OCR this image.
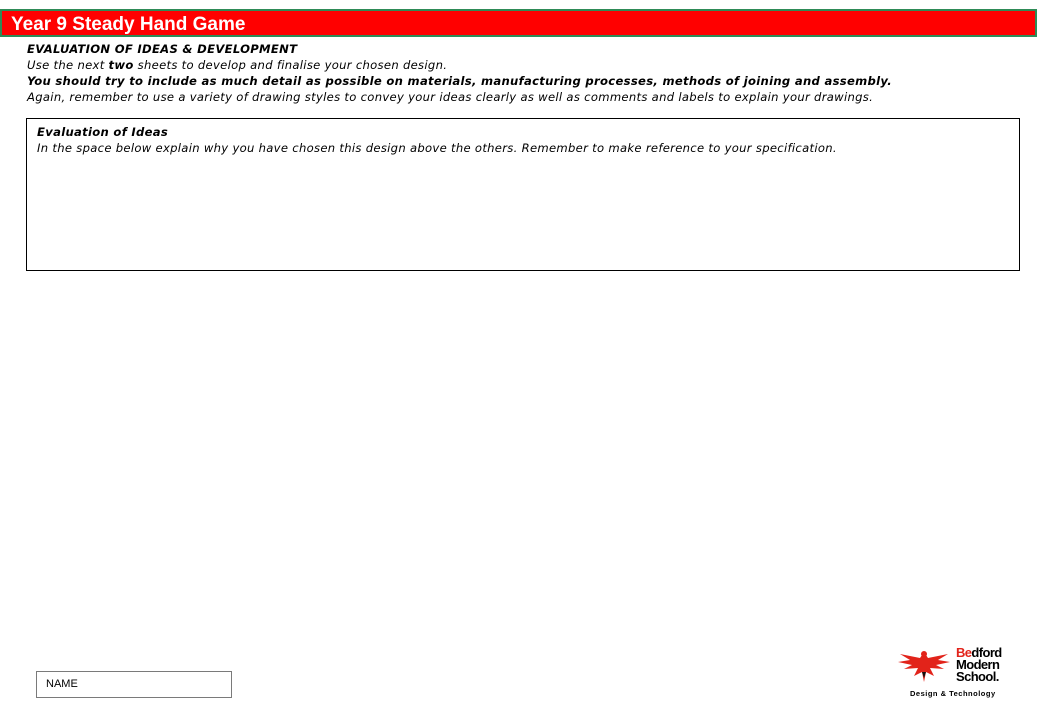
Year 9 Steady Hand Game
EVALUATION OF IDEAS & DEVELOPMENT
Use the next two sheets to develop and finalise your chosen design.
You should try to include as much detail as possible on materials, manufacturing processes, methods of joining and assembly.
Again, remember to use a variety of drawing styles to convey your ideas clearly as well as comments and labels to explain your drawings.
Evaluation of Ideas
In the space below explain why you have chosen this design above the others. Remember to make reference to your specification.
NAME
Bedford
Modern
School.
Design & Technology
